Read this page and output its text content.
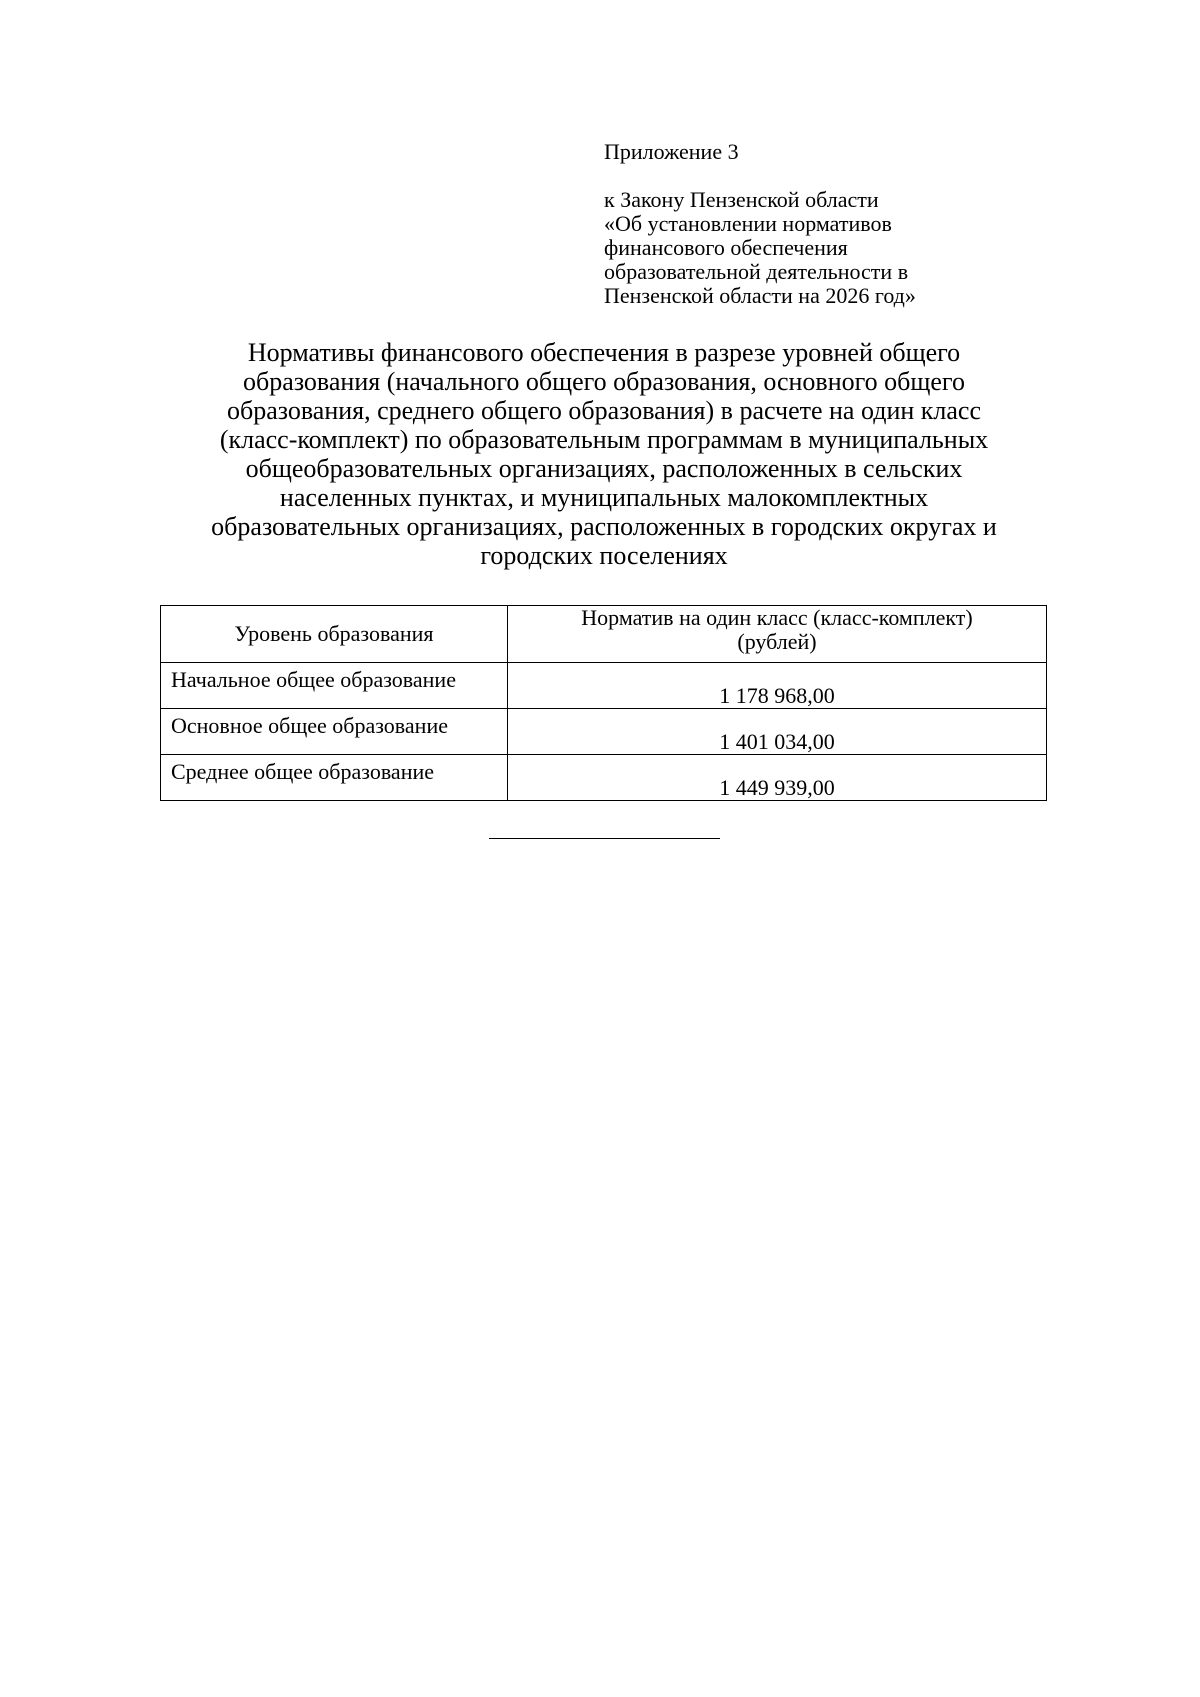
Приложение 3
к Закону Пензенской области
«Об установлении нормативов
финансового обеспечения
образовательной деятельности в
Пензенской области на 2026 год»
Нормативы финансового обеспечения в разрезе уровней общего
образования (начального общего образования, основного общего
образования, среднего общего образования) в расчете на один класс
(класс-комплект) по образовательным программам в муниципальных
общеобразовательных организациях, расположенных в сельских
населенных пунктах, и муниципальных малокомплектных
образовательных организациях, расположенных в городских округах и
городских поселениях
Уровень образования	Норматив на один класс (класс-комплект)
(рублей)
Начальное общее образование	1 178 968,00
Основное общее образование	1 401 034,00
Среднее общее образование	1 449 939,00
